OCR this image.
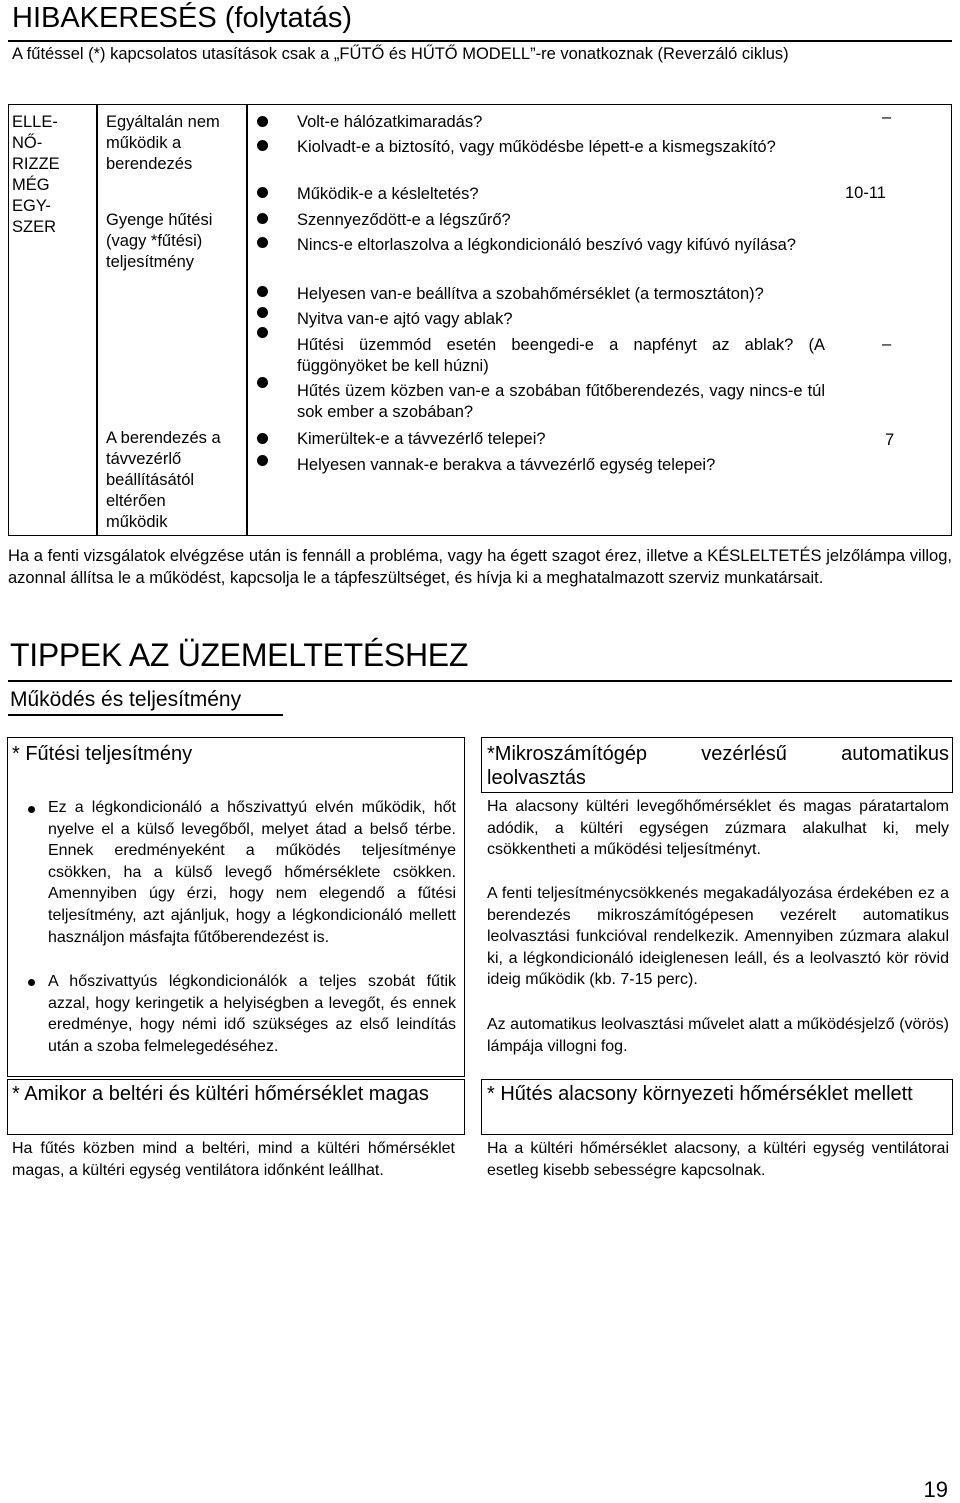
HIBAKERESÉS (folytatás)
A fűtéssel (*) kapcsolatos utasítások csak a „FŰTŐ és HŰTŐ MODELL”-re vonatkoznak (Reverzáló ciklus)
ELLE-
NŐ-
RIZZE
MÉG
EGY-
SZER
Egyáltalán nem
működik a
berendezés
Gyenge hűtési
(vagy *fűtési)
teljesítmény
A berendezés a
távvezérlő
beállításától
eltérően
működik
Volt-e hálózatkimaradás?
Kiolvadt-e a biztosító, vagy működésbe lépett-e a kismegszakító?
Működik-e a késleltetés?
Szennyeződött-e a légszűrő?
Nincs-e eltorlaszolva a légkondicionáló beszívó vagy kifúvó nyílása?
Helyesen van-e beállítva a szobahőmérséklet (a termosztáton)?
Nyitva van-e ajtó vagy ablak?
Hűtési üzemmód esetén beengedi-e a napfényt az ablak? (A függönyöket be kell húzni)
Hűtés üzem közben van-e a szobában fűtőberendezés, vagy nincs-e túl sok ember a szobában?
Kimerültek-e a távvezérlő telepei?
Helyesen vannak-e berakva a távvezérlő egység telepei?
–
10-11
–
7
Ha a fenti vizsgálatok elvégzése után is fennáll a probléma, vagy ha égett szagot érez, illetve a KÉSLELTETÉS jelzőlámpa villog, azonnal állítsa le a működést, kapcsolja le a tápfeszültséget, és hívja ki a meghatalmazott szerviz munkatársait.
TIPPEK AZ ÜZEMELTETÉSHEZ
Működés és teljesítmény
* Fűtési teljesítmény
Ez a légkondicionáló a hőszivattyú elvén működik, hőt nyelve el a külső levegőből, melyet átad a belső térbe. Ennek eredményeként a működés teljesítménye csökken, ha a külső levegő hőmérséklete csökken. Amennyiben úgy érzi, hogy nem elegendő a fűtési teljesítmény, azt ajánljuk, hogy a légkondicionáló mellett használjon másfajta fűtőberendezést is.
A hőszivattyús légkondicionálók a teljes szobát fűtik azzal, hogy keringetik a helyiségben a levegőt, és ennek eredménye, hogy némi idő szükséges az első leindítás után a szoba felmelegedéséhez.
* Amikor a beltéri és kültéri hőmérséklet magas
Ha fűtés közben mind a beltéri, mind a kültéri hőmérséklet magas, a kültéri egység ventilátora időnként leállhat.
*Mikroszámítógép vezérlésű automatikus leolvasztás
Ha alacsony kültéri levegőhőmérséklet és magas páratartalom adódik, a kültéri egységen zúzmara alakulhat ki, mely csökkentheti a működési teljesítményt.
A fenti teljesítménycsökkenés megakadályozása érdekében ez a berendezés mikroszámítógépesen vezérelt automatikus leolvasztási funkcióval rendelkezik. Amennyiben zúzmara alakul ki, a légkondicionáló ideiglenesen leáll, és a leolvasztó kör rövid ideig működik (kb. 7-15 perc).
Az automatikus leolvasztási művelet alatt a működésjelző (vörös) lámpája villogni fog.
* Hűtés alacsony környezeti hőmérséklet mellett
Ha a kültéri hőmérséklet alacsony, a kültéri egység ventilátorai esetleg kisebb sebességre kapcsolnak.
19
